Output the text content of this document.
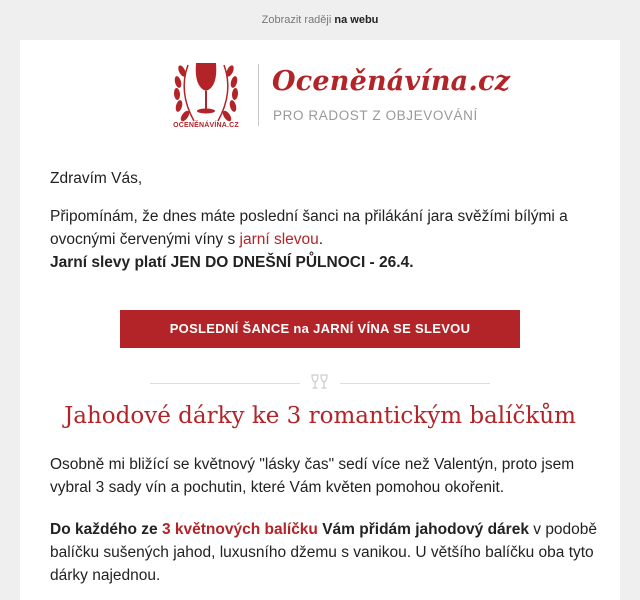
Zobrazit raději na webu
OCENĚNÁVÍNA.CZ
Oceněnávína.cz
PRO RADOST Z OBJEVOVÁNÍ
Zdravím Vás,
Připomínám, že dnes máte poslední šanci na přilákání jara svěžími bílými a ovocnými červenými víny s jarní slevou.
Jarní slevy platí JEN DO DNEŠNÍ PŮLNOCI - 26.4.
POSLEDNÍ ŠANCE na JARNÍ VÍNA SE SLEVOU
Jahodové dárky ke 3 romantickým balíčkům
Osobně mi bližící se květnový "lásky čas" sedí více než Valentýn, proto jsem vybral 3 sady vín a pochutin, které Vám květen pomohou okořenit.
Do každého ze 3 květnových balíčku Vám přidám jahodový dárek v podobě balíčku sušených jahod, luxusního džemu s vanikou. U většího balíčku oba tyto dárky najednou.
